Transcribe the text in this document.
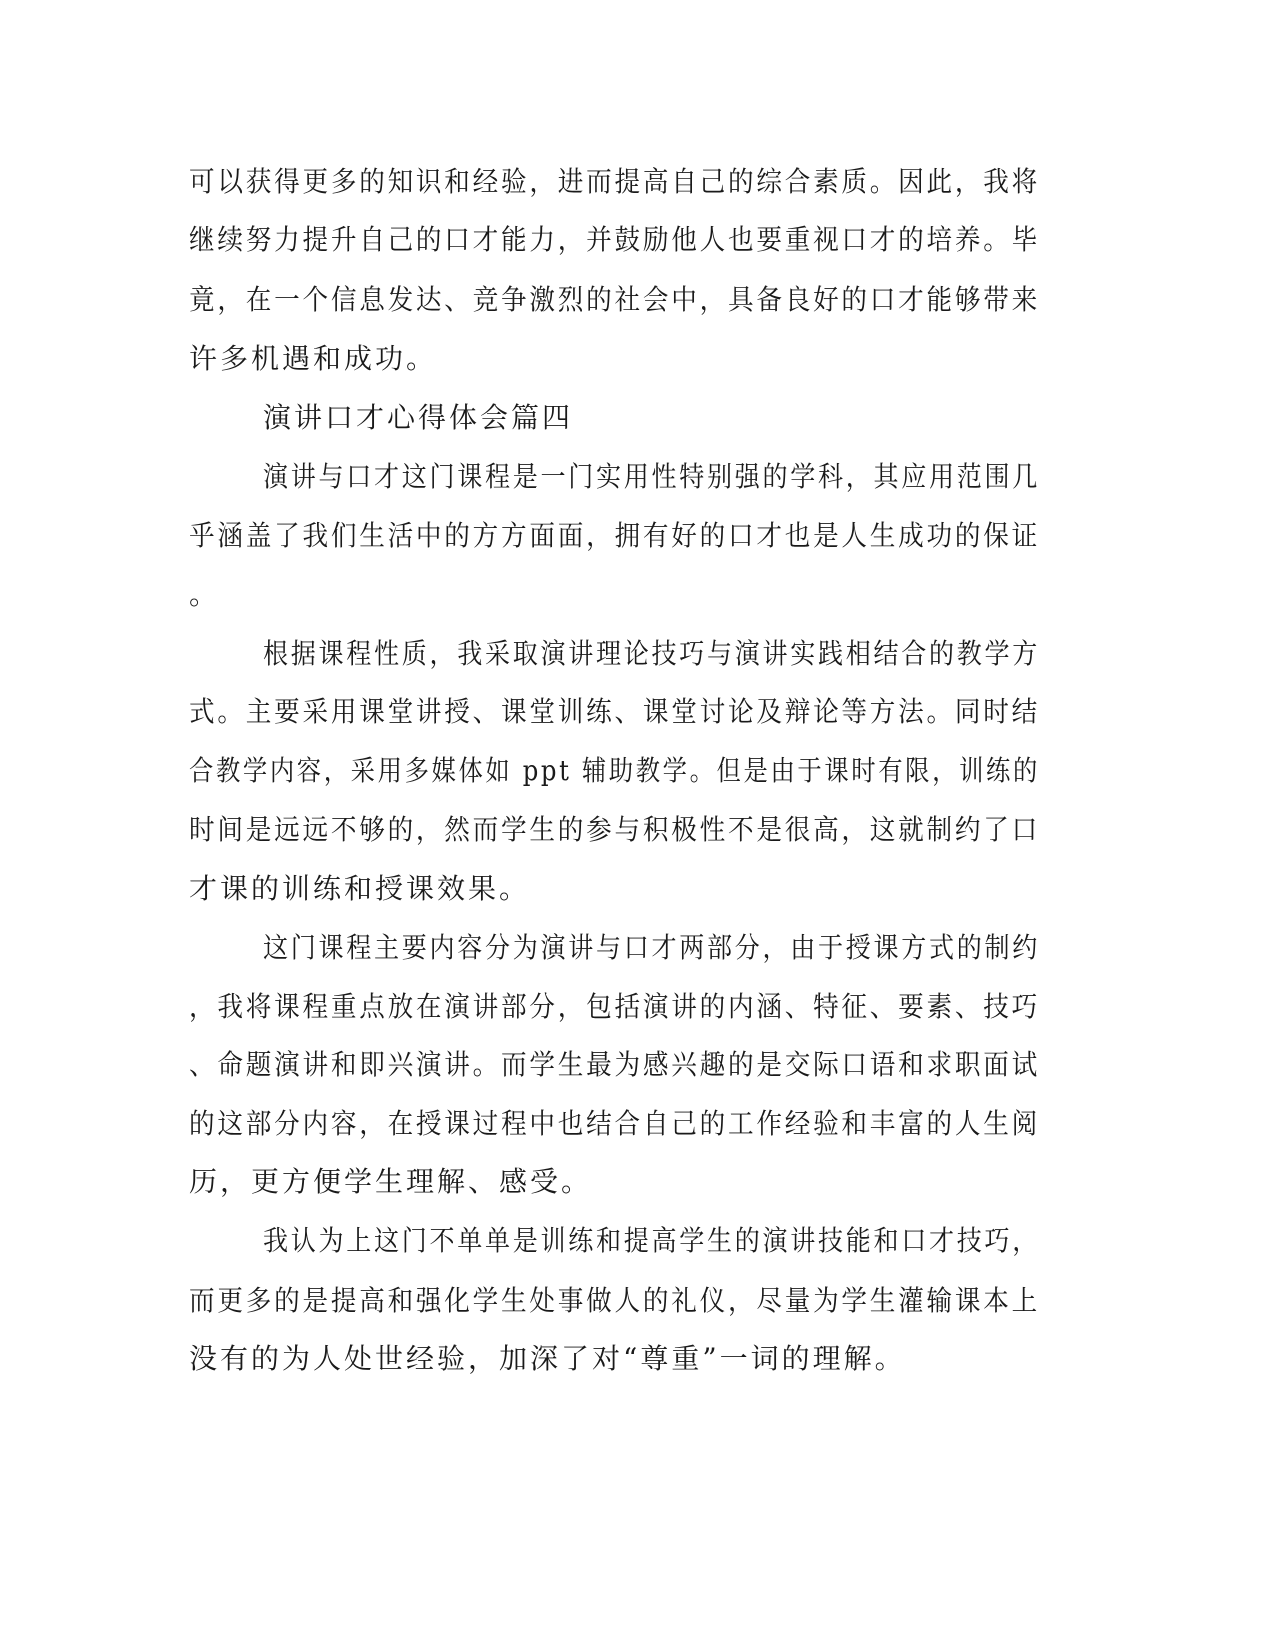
可以获得更多的知识和经验，进而提高自己的综合素质。因此，我将
继续努力提升自己的口才能力，并鼓励他人也要重视口才的培养。毕
竟，在一个信息发达、竞争激烈的社会中，具备良好的口才能够带来
许多机遇和成功。
演讲口才心得体会篇四
演讲与口才这门课程是一门实用性特别强的学科，其应用范围几
乎涵盖了我们生活中的方方面面，拥有好的口才也是人生成功的保证
。
根据课程性质，我采取演讲理论技巧与演讲实践相结合的教学方
式。主要采用课堂讲授、课堂训练、课堂讨论及辩论等方法。同时结
合教学内容，采用多媒体如 ppt 辅助教学。但是由于课时有限，训练的
时间是远远不够的，然而学生的参与积极性不是很高，这就制约了口
才课的训练和授课效果。
这门课程主要内容分为演讲与口才两部分，由于授课方式的制约
，我将课程重点放在演讲部分，包括演讲的内涵、特征、要素、技巧
、命题演讲和即兴演讲。而学生最为感兴趣的是交际口语和求职面试
的这部分内容，在授课过程中也结合自己的工作经验和丰富的人生阅
历，更方便学生理解、感受。
我认为上这门不单单是训练和提高学生的演讲技能和口才技巧，
而更多的是提高和强化学生处事做人的礼仪，尽量为学生灌输课本上
没有的为人处世经验，加深了对“尊重”一词的理解。
